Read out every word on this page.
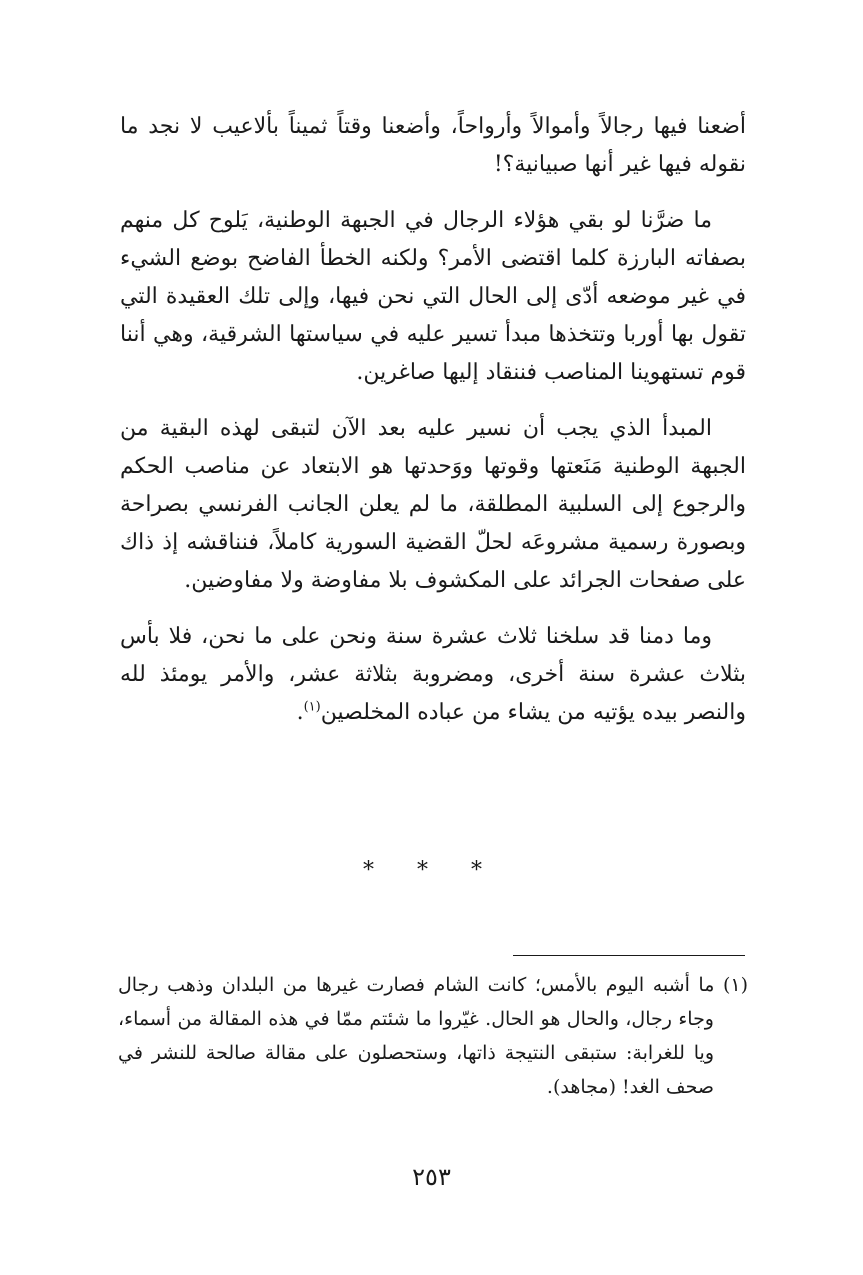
أضعنا فيها رجالاً وأموالاً وأرواحاً، وأضعنا وقتاً ثميناً بألاعيب لا نجد ما نقوله فيها غير أنها صبيانية؟!

ما ضرَّنا لو بقي هؤلاء الرجال في الجبهة الوطنية، يَلوح كل منهم بصفاته البارزة كلما اقتضى الأمر؟ ولكنه الخطأ الفاضح بوضع الشيء في غير موضعه أدّى إلى الحال التي نحن فيها، وإلى تلك العقيدة التي تقول بها أوربا وتتخذها مبدأ تسير عليه في سياستها الشرقية، وهي أننا قوم تستهوينا المناصب فننقاد إليها صاغرين.

المبدأ الذي يجب أن نسير عليه بعد الآن لتبقى لهذه البقية من الجبهة الوطنية مَنَعتها وقوتها ووَحدتها هو الابتعاد عن مناصب الحكم والرجوع إلى السلبية المطلقة، ما لم يعلن الجانب الفرنسي بصراحة وبصورة رسمية مشروعَه لحلّ القضية السورية كاملاً، فنناقشه إذ ذاك على صفحات الجرائد على المكشوف بلا مفاوضة ولا مفاوضين.

وما دمنا قد سلخنا ثلاث عشرة سنة ونحن على ما نحن، فلا بأس بثلاث عشرة سنة أخرى، ومضروبة بثلاثة عشر، والأمر يومئذ لله والنصر بيده يؤتيه من يشاء من عباده المخلصين$^{(١)}$.

* * *
(١) ما أشبه اليوم بالأمس؛ كانت الشام فصارت غيرها من البلدان وذهب رجال وجاء رجال، والحال هو الحال. غيّروا ما شئتم ممّا في هذه المقالة من أسماء، ويا للغرابة: ستبقى النتيجة ذاتها، وستحصلون على مقالة صالحة للنشر في صحف الغد! (مجاهد).
٢٥٣
